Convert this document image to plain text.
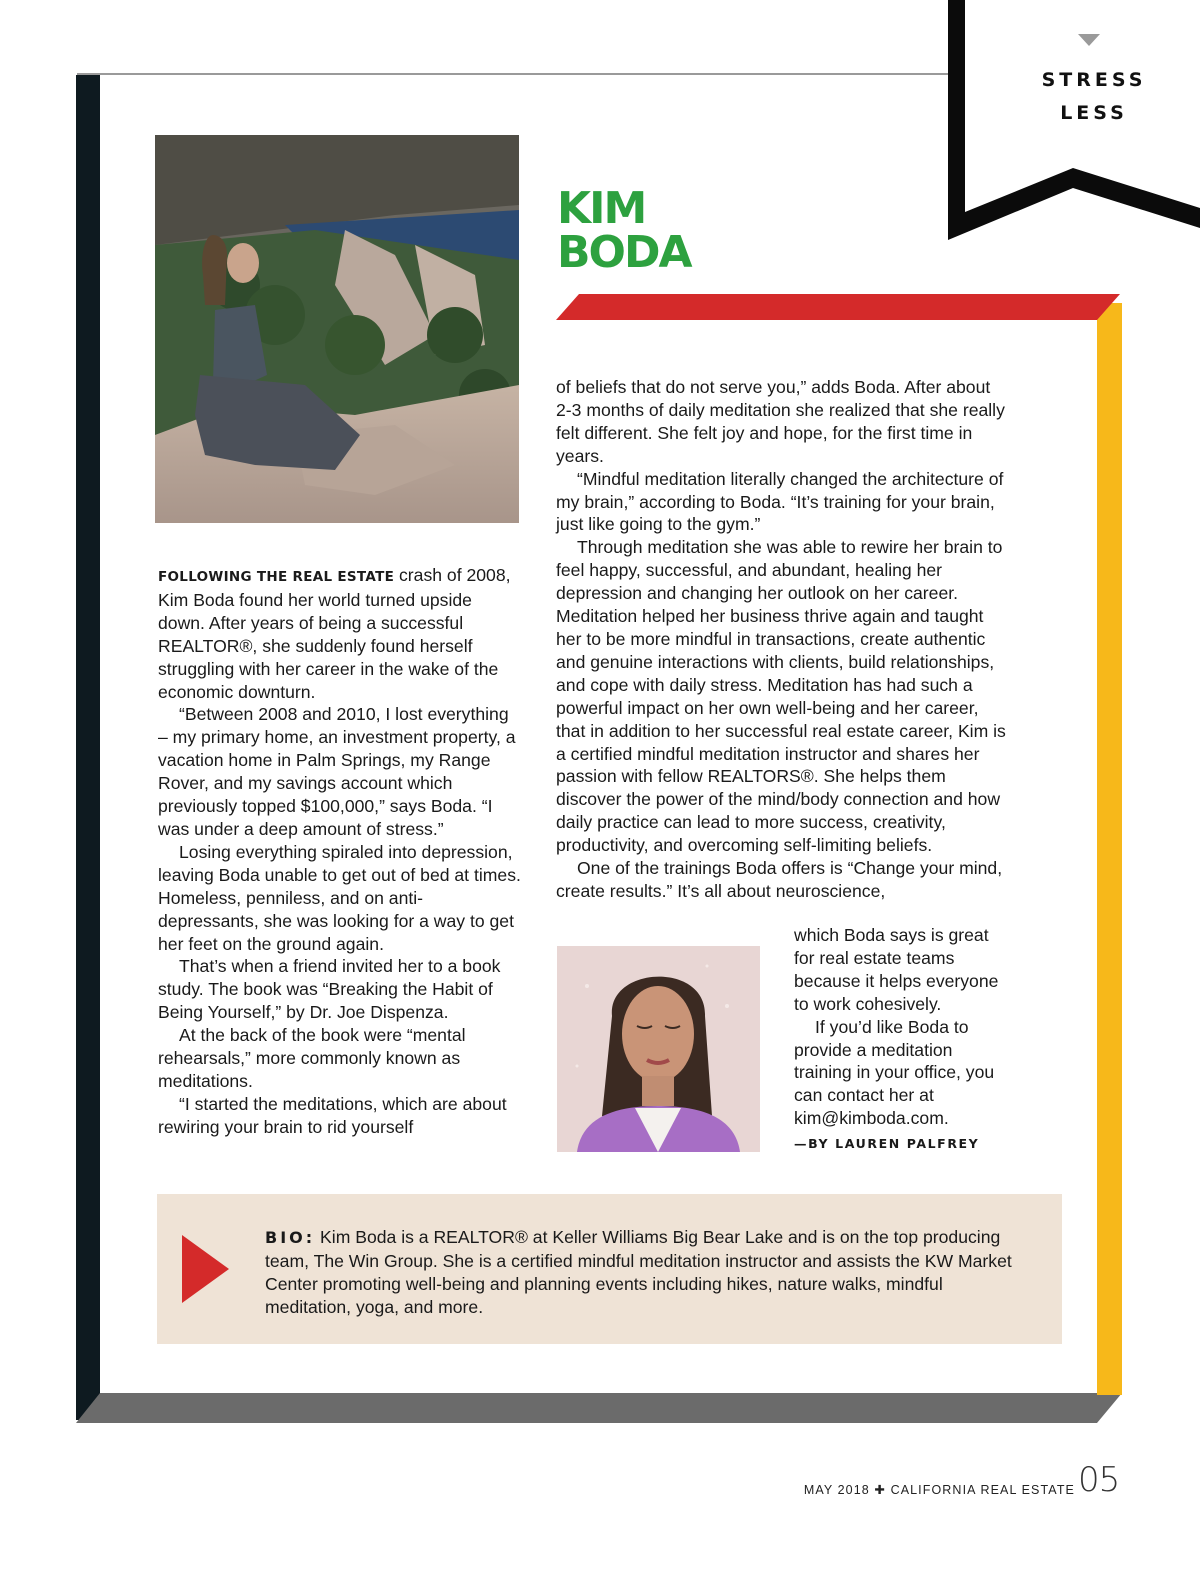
STRESS
LESS
KIM
BODA

FOLLOWING THE REAL ESTATE crash of 2008, Kim Boda found her world turned upside down. After years of being a successful REALTOR®, she suddenly found herself struggling with her career in the wake of the economic downturn.

“Between 2008 and 2010, I lost everything – my primary home, an investment property, a vacation home in Palm Springs, my Range Rover, and my savings account which previously topped $100,000,” says Boda. “I was under a deep amount of stress.”

Losing everything spiraled into depression, leaving Boda unable to get out of bed at times. Homeless, penniless, and on anti-depressants, she was looking for a way to get her feet on the ground again.

That’s when a friend invited her to a book study. The book was “Breaking the Habit of Being Yourself,” by Dr. Joe Dispenza.

At the back of the book were “mental rehearsals,” more commonly known as meditations.

“I started the meditations, which are about rewiring your brain to rid yourself

of beliefs that do not serve you,” adds Boda. After about 2-3 months of daily meditation she realized that she really felt different. She felt joy and hope, for the first time in years.

“Mindful meditation literally changed the architecture of my brain,” according to Boda. “It’s training for your brain, just like going to the gym.”

Through meditation she was able to rewire her brain to feel happy, successful, and abundant, healing her depression and changing her outlook on her career. Meditation helped her business thrive again and taught her to be more mindful in transactions, create authentic and genuine interactions with clients, build relationships, and cope with daily stress. Meditation has had such a powerful impact on her own well-being and her career, that in addition to her successful real estate career, Kim is a certified mindful meditation instructor and shares her passion with fellow REALTORS®. She helps them discover the power of the mind/body connection and how daily practice can lead to more success, creativity, productivity, and overcoming self-limiting beliefs.

One of the trainings Boda offers is “Change your mind, create results.” It’s all about neuroscience,

which Boda says is great for real estate teams because it helps everyone to work cohesively.

If you’d like Boda to provide a meditation training in your office, you can contact her at kim@kimboda.com.

—BY LAUREN PALFREY

BIO: Kim Boda is a REALTOR® at Keller Williams Big Bear Lake and is on the top producing team, The Win Group. She is a certified mindful meditation instructor and assists the KW Market Center promoting well-being and planning events including hikes, nature walks, mindful meditation, yoga, and more.
MAY 2018 ✚ CALIFORNIA REAL ESTATE 05
